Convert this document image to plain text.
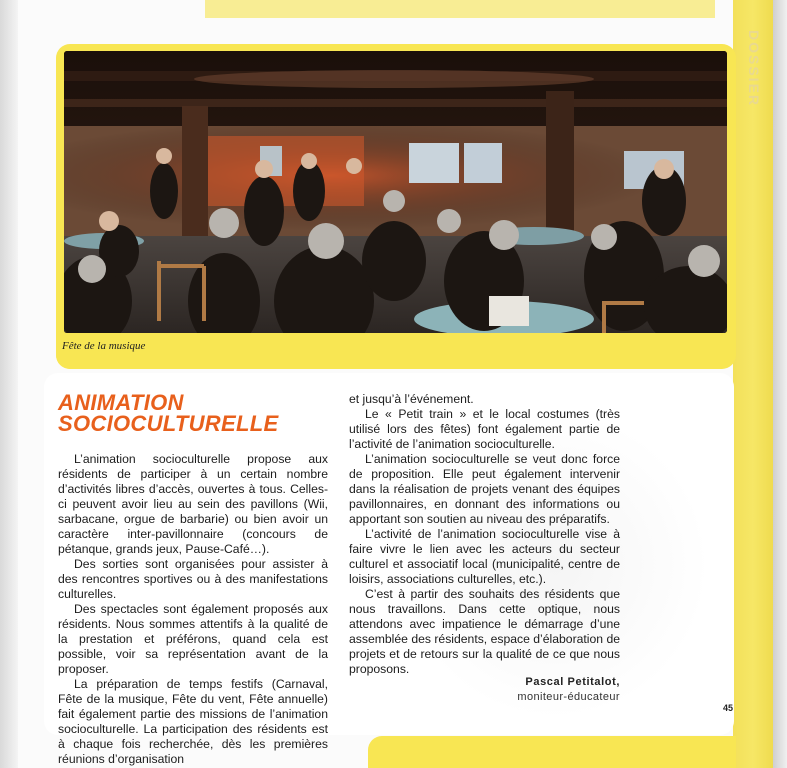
DOSSIER
Fête de la musique
ANIMATION
SOCIOCULTURELLE

L’animation socioculturelle propose aux résidents de participer à un certain nombre d’activités libres d’accès, ouvertes à tous. Celles-ci peuvent avoir lieu au sein des pavillons (Wii, sarbacane, orgue de barbarie) ou bien avoir un caractère inter-pavillonnaire (concours de pétanque, grands jeux, Pause-Café…).

Des sorties sont organisées pour assister à des rencontres sportives ou à des manifestations culturelles.

Des spectacles sont également proposés aux résidents. Nous sommes attentifs à la qualité de la prestation et préférons, quand cela est possible, voir sa représentation avant de la proposer.

La préparation de temps festifs (Carnaval, Fête de la musique, Fête du vent, Fête annuelle) fait également partie des missions de l’animation socioculturelle. La participation des résidents est à chaque fois recherchée, dès les premières réunions d’organisation

et jusqu’à l’événement.

Le « Petit train » et le local costumes (très utilisé lors des fêtes) font également partie de l’activité de l’animation socioculturelle.

L’animation socioculturelle se veut donc force de proposition. Elle peut également intervenir dans la réalisation de projets venant des équipes pavillonnaires, en donnant des informations ou apportant son soutien au niveau des préparatifs.

L’activité de l’animation socioculturelle vise à faire vivre le lien avec les acteurs du secteur culturel et associatif local (municipalité, centre de loisirs, associations culturelles, etc.).

C’est à partir des souhaits des résidents que nous travaillons. Dans cette optique, nous attendons avec impatience le démarrage d’une assemblée des résidents, espace d’élaboration de projets et de retours sur la qualité de ce que nous proposons.

Pascal Petitalot,
moniteur-éducateur
45
